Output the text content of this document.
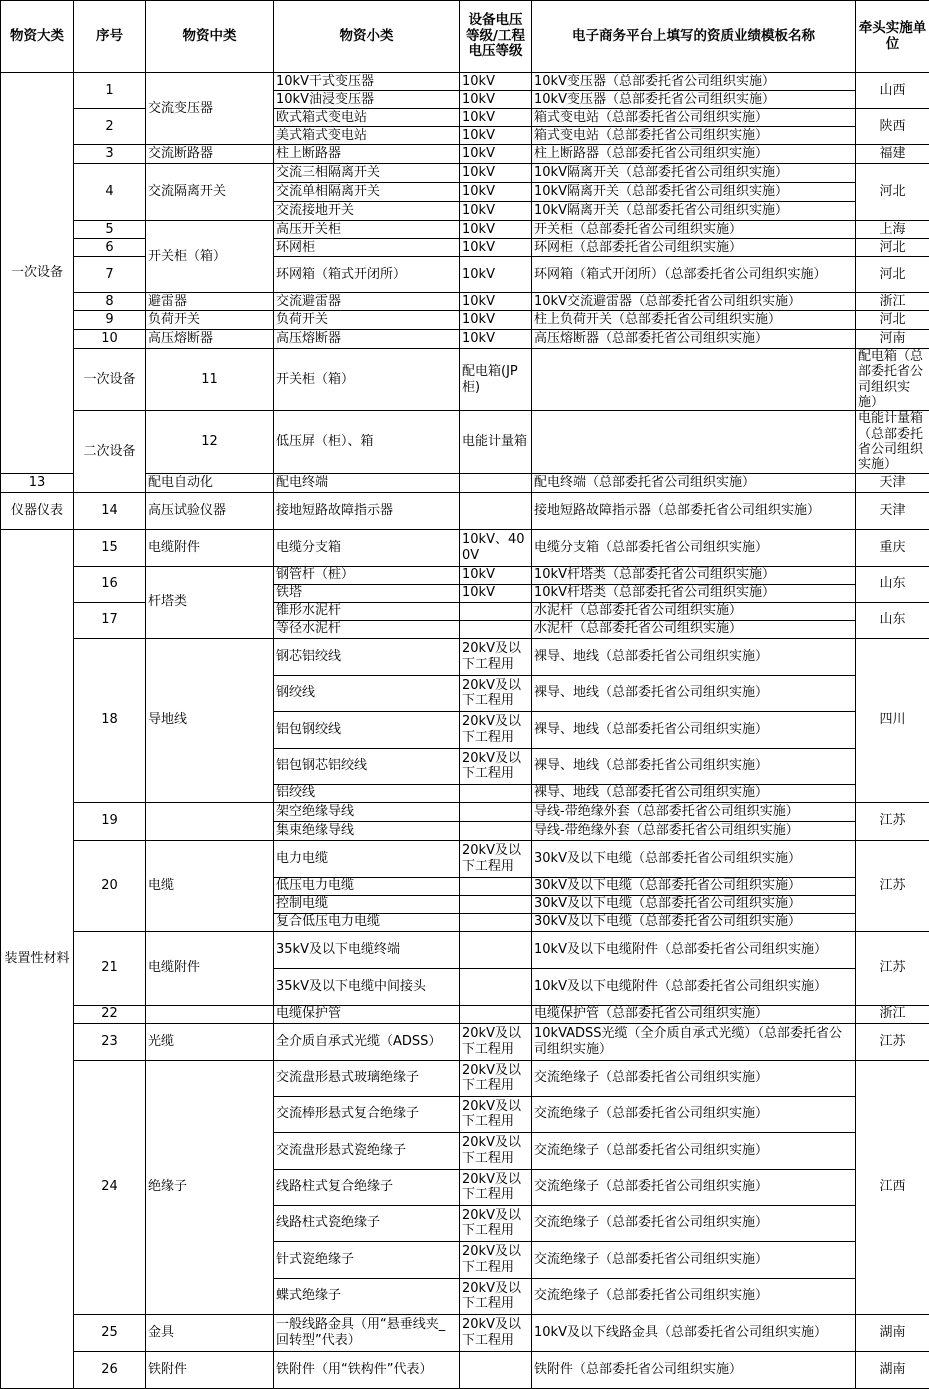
物资大类	序号	物资中类	物资小类	设备电压等级/工程电压等级	电子商务平台上填写的资质业绩模板名称	牵头实施单位	
一次设备	1	交流变压器	10kV干式变压器	10kV	10kV变压器（总部委托省公司组织实施）	山西	
			10kV油浸变压器	10kV	10kV变压器（总部委托省公司组织实施）		
	2		欧式箱式变电站	10kV	箱式变电站（总部委托省公司组织实施）	陕西	
			美式箱式变电站	10kV	箱式变电站（总部委托省公司组织实施）		
	3	交流断路器	柱上断路器	10kV	柱上断路器（总部委托省公司组织实施）	福建	
	4	交流隔离开关	交流三相隔离开关	10kV	10kV隔离开关（总部委托省公司组织实施）	河北	
			交流单相隔离开关	10kV	10kV隔离开关（总部委托省公司组织实施）		
			交流接地开关	10kV	10kV隔离开关（总部委托省公司组织实施）		
	5	开关柜（箱）	高压开关柜	10kV	开关柜（总部委托省公司组织实施）	上海	
	6		环网柜	10kV	环网柜（总部委托省公司组织实施）	河北	
	7		环网箱（箱式开闭所）	10kV	环网箱（箱式开闭所）（总部委托省公司组织实施）	河北	
	8	避雷器	交流避雷器	10kV	10kV交流避雷器（总部委托省公司组织实施）	浙江	
	9	负荷开关	负荷开关	10kV	柱上负荷开关（总部委托省公司组织实施）	河北	
	10	高压熔断器	高压熔断器	10kV	高压熔断器（总部委托省公司组织实施）	河南	
	一次设备	11	开关柜（箱）	配电箱(JP柜)		配电箱（总部委托省公司组织实施）	
	二次设备	12	低压屏（柜）、箱	电能计量箱		电能计量箱（总部委托省公司组织实施）	
13		配电自动化	配电终端		配电终端（总部委托省公司组织实施）	天津	
仪器仪表	14	高压试验仪器	接地短路故障指示器		接地短路故障指示器（总部委托省公司组织实施）	天津	
装置性材料	15	电缆附件	电缆分支箱	10kV、400V	电缆分支箱（总部委托省公司组织实施）	重庆	
	16	杆塔类	钢管杆（桩）	10kV	10kV杆塔类（总部委托省公司组织实施）	山东	
			铁塔	10kV	10kV杆塔类（总部委托省公司组织实施）		
	17		锥形水泥杆		水泥杆（总部委托省公司组织实施）	山东	
			等径水泥杆		水泥杆（总部委托省公司组织实施）		
	18	导地线	钢芯铝绞线	20kV及以下工程用	裸导、地线（总部委托省公司组织实施）	四川	
			钢绞线	20kV及以下工程用	裸导、地线（总部委托省公司组织实施）		
			铝包钢绞线	20kV及以下工程用	裸导、地线（总部委托省公司组织实施）		
			铝包钢芯铝绞线	20kV及以下工程用	裸导、地线（总部委托省公司组织实施）		
			铝绞线		裸导、地线（总部委托省公司组织实施）		
	19		架空绝缘导线		导线-带绝缘外套（总部委托省公司组织实施）	江苏	
			集束绝缘导线		导线-带绝缘外套（总部委托省公司组织实施）		
	20	电缆	电力电缆	20kV及以下工程用	30kV及以下电缆（总部委托省公司组织实施）	江苏	
			低压电力电缆		30kV及以下电缆（总部委托省公司组织实施）		
			控制电缆		30kV及以下电缆（总部委托省公司组织实施）		
			复合低压电力电缆		30kV及以下电缆（总部委托省公司组织实施）		
	21	电缆附件	35kV及以下电缆终端		10kV及以下电缆附件（总部委托省公司组织实施）	江苏	
			35kV及以下电缆中间接头		10kV及以下电缆附件（总部委托省公司组织实施）		
	22		电缆保护管		电缆保护管（总部委托省公司组织实施）	浙江	
	23	光缆	全介质自承式光缆（ADSS）	20kV及以下工程用	10kVADSS光缆（全介质自承式光缆）（总部委托省公司组织实施）	江苏	
	24	绝缘子	交流盘形悬式玻璃绝缘子	20kV及以下工程用	交流绝缘子（总部委托省公司组织实施）	江西	
			交流棒形悬式复合绝缘子	20kV及以下工程用	交流绝缘子（总部委托省公司组织实施）		
			交流盘形悬式瓷绝缘子	20kV及以下工程用	交流绝缘子（总部委托省公司组织实施）		
			线路柱式复合绝缘子	20kV及以下工程用	交流绝缘子（总部委托省公司组织实施）		
			线路柱式瓷绝缘子	20kV及以下工程用	交流绝缘子（总部委托省公司组织实施）		
			针式瓷绝缘子	20kV及以下工程用	交流绝缘子（总部委托省公司组织实施）		
			蝶式绝缘子	20kV及以下工程用	交流绝缘子（总部委托省公司组织实施）		
	25	金具	一般线路金具（用“悬垂线夹_回转型”代表）	20kV及以下工程用	10kV及以下线路金具（总部委托省公司组织实施）	湖南	
	26	铁附件	铁附件（用“铁构件”代表）		铁附件（总部委托省公司组织实施）	湖南	
